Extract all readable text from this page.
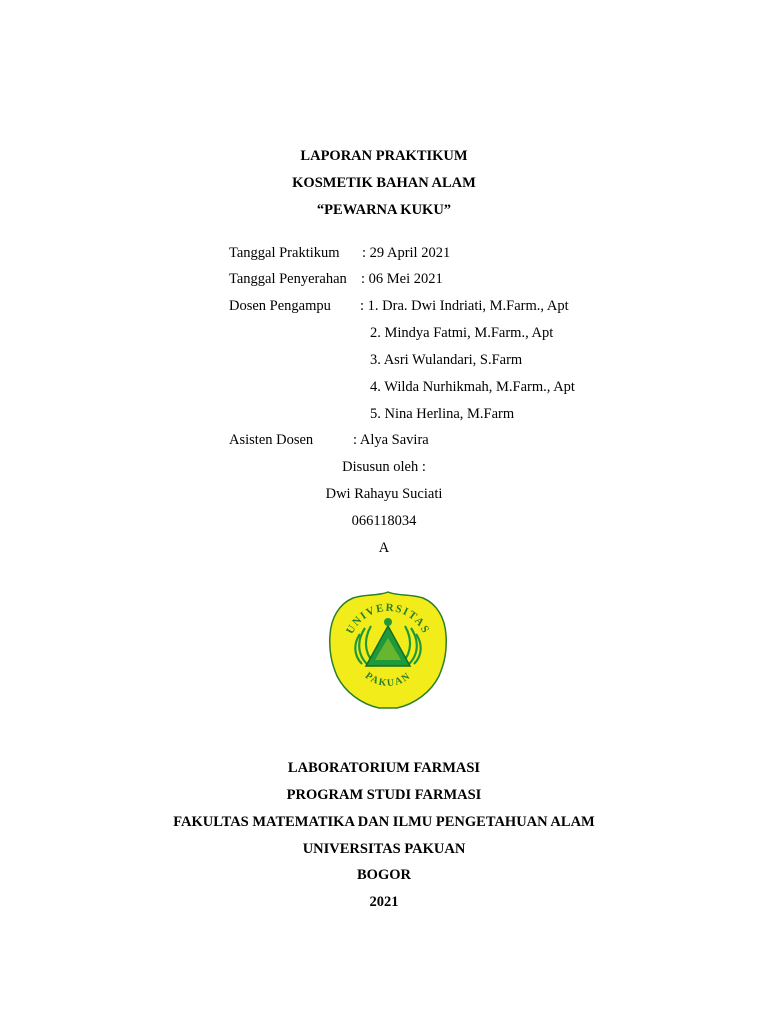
LAPORAN PRAKTIKUM
KOSMETIK BAHAN ALAM
“PEWARNA KUKU”
Tanggal Praktikum : 29 April 2021
Tanggal Penyerahan : 06 Mei 2021
Dosen Pengampu : 1. Dra. Dwi Indriati, M.Farm., Apt
2. Mindya Fatmi, M.Farm., Apt
3. Asri Wulandari, S.Farm
4. Wilda Nurhikmah, M.Farm., Apt
5. Nina Herlina, M.Farm
Asisten Dosen	: Alya Savira
Disusun oleh :
Dwi Rahayu Suciati
066118034
A
UNIVERSITAS
PAKUAN
LABORATORIUM FARMASI
PROGRAM STUDI FARMASI
FAKULTAS MATEMATIKA DAN ILMU PENGETAHUAN ALAM
UNIVERSITAS PAKUAN
BOGOR
2021
